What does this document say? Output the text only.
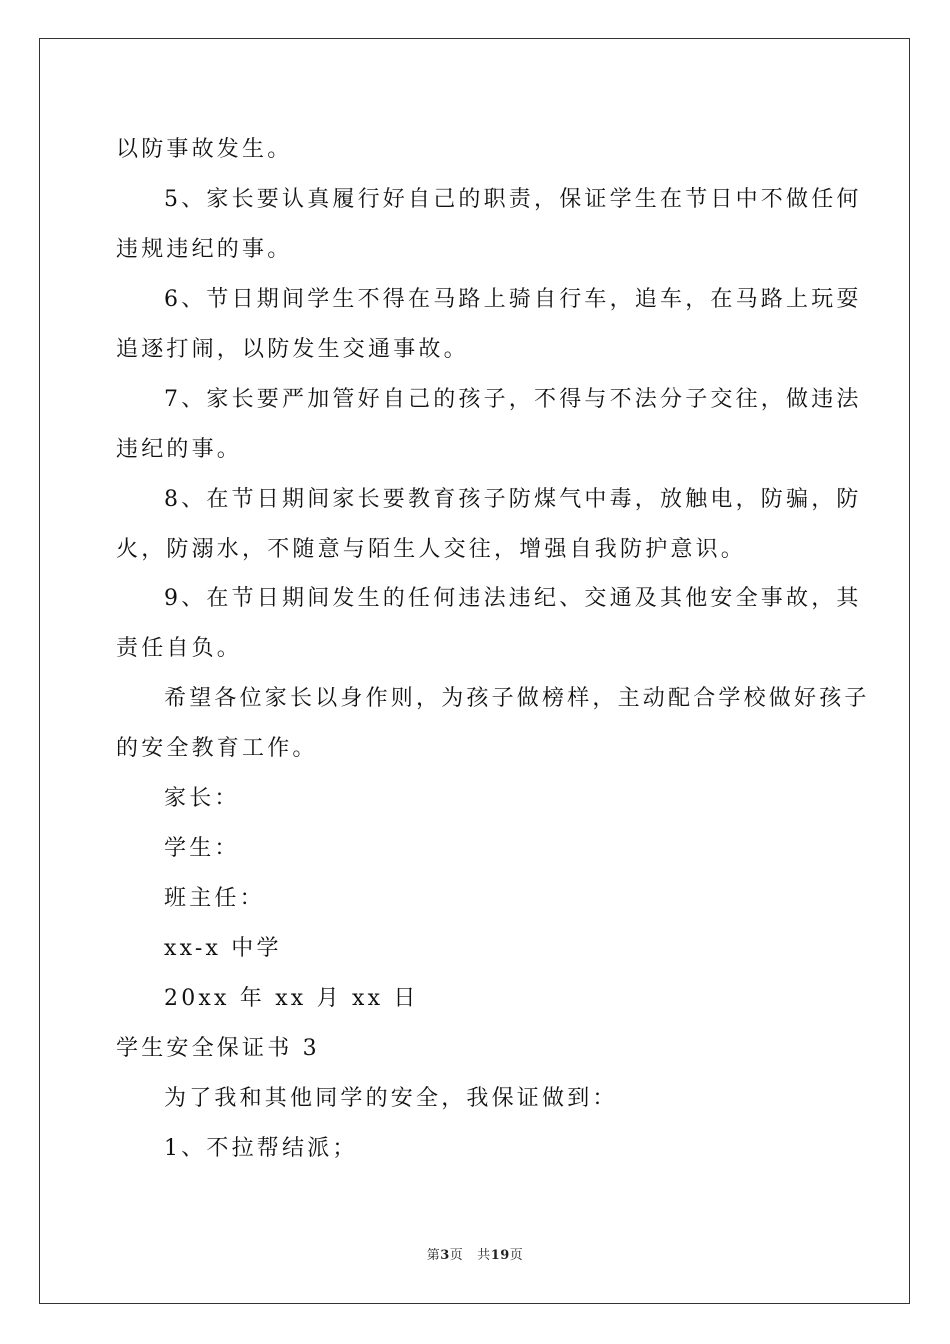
以防事故发生。
5、家长要认真履行好自己的职责，保证学生在节日中不做任何
违规违纪的事。
6、节日期间学生不得在马路上骑自行车，追车，在马路上玩耍
追逐打闹，以防发生交通事故。
7、家长要严加管好自己的孩子，不得与不法分子交往，做违法
违纪的事。
8、在节日期间家长要教育孩子防煤气中毒，放触电，防骗，防
火，防溺水，不随意与陌生人交往，增强自我防护意识。
9、在节日期间发生的任何违法违纪、交通及其他安全事故，其
责任自负。
希望各位家长以身作则，为孩子做榜样，主动配合学校做好孩子
的安全教育工作。
家长：
学生：
班主任：
xx-x 中学
20xx 年 xx 月 xx 日
学生安全保证书 3
为了我和其他同学的安全，我保证做到：
1、不拉帮结派；
第3页 共19页
